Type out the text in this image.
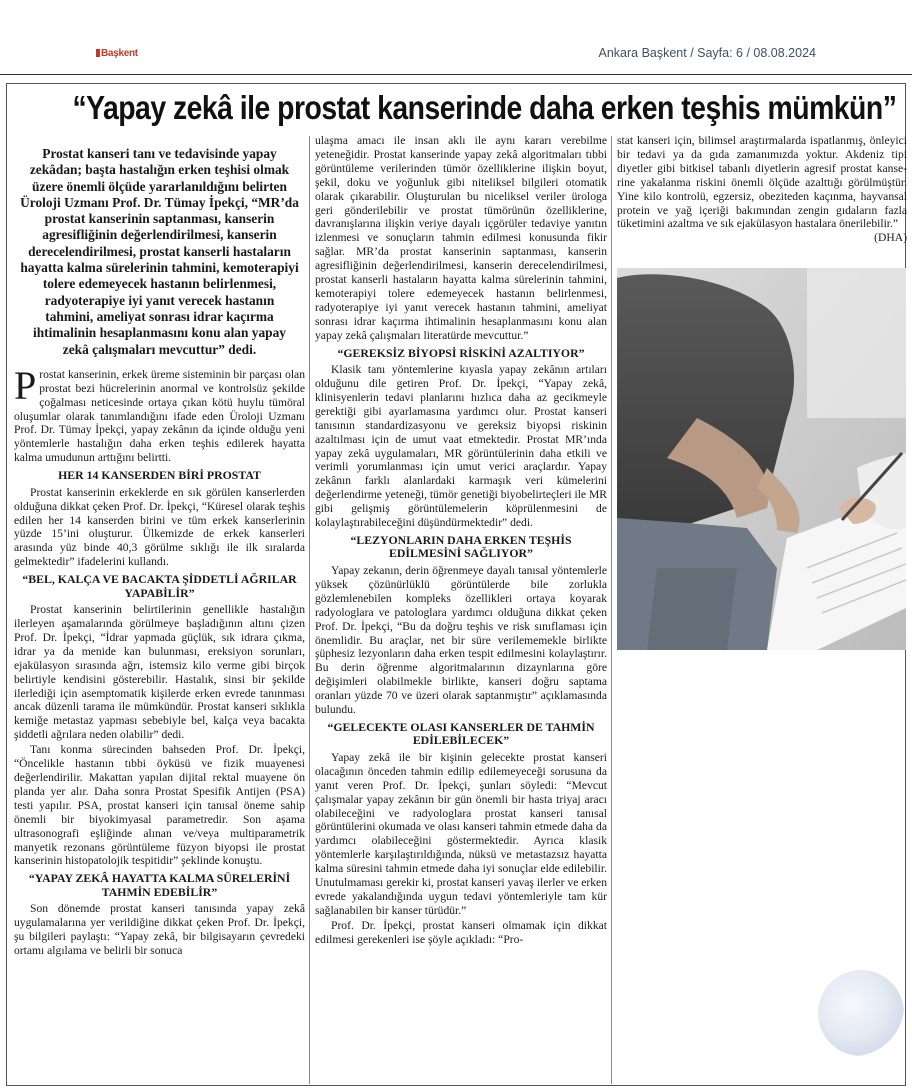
Başkent	Ankara Başkent / Sayfa: 6 / 08.08.2024
“Yapay zekâ ile prostat kanserinde daha erken teşhis mümkün”
Prostat kanseri tanı ve tedavisinde yapay zekâdan; başta hastalığın erken teşhisi olmak üzere önemli ölçüde yararlanıldığını belirten Üroloji Uzmanı Prof. Dr. Tümay İpekçi, “MR’da prostat kanserinin saptanması, kanserin agresifliğinin değerlendirilmesi, kanserin derecelendirilmesi, prostat kanserli hastaların hayatta kalma sürelerinin tahmini, kemoterapiyi tolere edemeyecek hastanın belirlenmesi, radyoterapiye iyi yanıt verecek hastanın tahmini, ameliyat sonrası idrar kaçırma ihtimalinin hesaplanmasını konu alan yapay zekâ çalışmaları mevcuttur” dedi.

Prostat kanserinin, erkek üreme sisteminin bir parçası olan prostat bezi hücrelerinin anormal ve kontrolsüz şekilde çoğalması neticesinde ortaya çıkan kötü huylu tümöral oluşumlar olarak tanımlandığını ifade eden Üroloji Uzmanı Prof. Dr. Tümay İpekçi, yapay zekânın da içinde olduğu yeni yöntemlerle hastalığın daha erken teşhis edilerek hayatta kalma umudunun arttığını belirtti.

HER 14 KANSERDEN BİRİ PROSTAT

Prostat kanserinin erkeklerde en sık görülen kanserlerden olduğuna dikkat çeken Prof. Dr. İpekçi, “Küresel olarak teşhis edilen her 14 kanserden birini ve tüm erkek kanserlerinin yüzde 15’ini oluşturur. Ülkemizde de erkek kanserleri arasında yüz binde 40,3 görülme sıklığı ile ilk sıralarda gelmektedir” ifadelerini kullandı.

“BEL, KALÇA VE BACAKTA ŞİDDETLİ AĞRILAR YAPABİLİR”

Prostat kanserinin belirtilerinin genellikle hastalığın ilerleyen aşamalarında görülmeye başladığının altını çizen Prof. Dr. İpekçi, “İdrar yapmada güçlük, sık idrara çıkma, idrar ya da menide kan bulunması, ereksiyon sorunları, ejakülasyon sırasında ağrı, istemsiz kilo verme gibi birçok belirtiyle kendisini gösterebilir. Hastalık, sinsi bir şekilde ilerlediği için asemptomatik kişilerde erken evrede tanınması ancak düzenli tarama ile mümkündür. Prostat kanseri sıklıkla kemiğe metastaz yapması sebebiyle bel, kalça veya bacakta şiddetli ağrılara neden olabilir” dedi.

Tanı konma sürecinden bahseden Prof. Dr. İpekçi, “Öncelikle hastanın tıbbi öyküsü ve fizik muayenesi değerlendirilir. Makattan yapılan dijital rektal muayene ön planda yer alır. Daha sonra Prostat Spesifik Antijen (PSA) testi yapılır. PSA, prostat kanseri için tanısal öneme sahip önemli bir biyokimyasal parametredir. Son aşama ultrasonografi eşliğinde alınan ve/veya multiparametrik manyetik rezonans görüntüleme füzyon biyopsi ile prostat kanserinin histopatolojik tespitidir” şeklinde konuştu.

“YAPAY ZEKÂ HAYATTA KALMA SÜRELERİNİ TAHMİN EDEBİLİR”

Son dönemde prostat kanseri tanısında yapay zekâ uygulamalarına yer verildiğine dikkat çeken Prof. Dr. İpekçi, şu bilgileri paylaştı: “Yapay zekâ, bir bilgisayarın çevredeki ortamı algılama ve belirli bir sonuca

ulaşma amacı ile insan aklı ile aynı kararı verebilme yeteneğidir. Prostat kanserinde yapay zekâ algoritmaları tıbbi görüntüleme verilerinden tümör özelliklerine ilişkin boyut, şekil, doku ve yoğunluk gibi niteliksel bilgileri otomatik olarak çıkarabilir. Oluşturulan bu niceliksel veriler ürologa geri gönderilebilir ve prostat tümörünün özelliklerine, davranışlarına ilişkin veriye dayalı içgörüler tedaviye yanıtın izlenmesi ve sonuçların tahmin edilmesi konusunda fikir sağlar. MR’da prostat kanserinin saptanması, kanserin agresifliğinin değerlendirilmesi, kanserin derecelendirilmesi, prostat kanserli hastaların hayatta kalma sürelerinin tahmini, kemoterapiyi tolere edemeyecek hastanın belirlenmesi, radyoterapiye iyi yanıt verecek hastanın tahmini, ameliyat sonrası idrar kaçırma ihtimalinin hesaplanmasını konu alan yapay zekâ çalışmaları literatürde mevcuttur.”

“GEREKSİZ BİYOPSİ RİSKİNİ AZALTIYOR”

Klasik tanı yöntemlerine kıyasla yapay zekânın artıları olduğunu dile getiren Prof. Dr. İpekçi, “Yapay zekâ, klinisyenlerin tedavi planlarını hızlıca daha az gecikmeyle gerektiği gibi ayarlamasına yardımcı olur. Prostat kanseri tanısının standardizasyonu ve gereksiz biyopsi riskinin azaltılması için de umut vaat etmektedir. Prostat MR’ında yapay zekâ uygulamaları, MR görüntülerinin daha etkili ve verimli yorumlanması için umut verici araçlardır. Yapay zekânın farklı alanlardaki karmaşık veri kümelerini değerlendirme yeteneği, tümör genetiği biyobelirteçleri ile MR gibi gelişmiş görüntülemelerin köprülenmesini de kolaylaştırabileceğini düşündürmektedir” dedi.

“LEZYONLARIN DAHA ERKEN TEŞHİS EDİLMESİNİ SAĞLIYOR”

Yapay zekanın, derin öğrenmeye dayalı tanısal yöntemlerle yüksek çözünürlüklü görüntülerde bile zorlukla gözlemlenebilen kompleks özellikleri ortaya koyarak radyologlara ve patologlara yardımcı olduğuna dikkat çeken Prof. Dr. İpekçi, “Bu da doğru teşhis ve risk sınıflaması için önemlidir. Bu araçlar, net bir süre verilememekle birlikte şüphesiz lezyonların daha erken tespit edilmesini kolaylaştırır. Bu derin öğrenme algoritmalarının dizaynlarına göre değişimleri olabilmekle birlikte, kanseri doğru saptama oranları yüzde 70 ve üzeri olarak saptanmıştır” açıklamasında bulundu.

“GELECEKTE OLASI KANSERLER DE TAHMİN EDİLEBİLECEK”

Yapay zekâ ile bir kişinin gelecekte prostat kanseri olacağının önceden tahmin edilip edilemeyeceği sorusuna da yanıt veren Prof. Dr. İpekçi, şunları söyledi: “Mevcut çalışmalar yapay zekânın bir gün önemli bir hasta triyaj aracı olabileceğini ve radyologlara prostat kanseri tanısal görüntülerini okumada ve olası kanseri tahmin etmede daha da yardımcı olabileceğini göstermektedir. Ayrıca klasik yöntemlerle karşılaştırıldığında, nüksü ve metastazsız hayatta kalma süresini tahmin etmede daha iyi sonuçlar elde edilebilir. Unutulmaması gerekir ki, prostat kanseri yavaş ilerler ve erken evrede yakalandığında uygun tedavi yöntemleriyle tam kür sağlanabilen bir kanser türüdür.”

Prof. Dr. İpekçi, prostat kanseri olmamak için dikkat edilmesi gerekenleri ise şöyle açıkladı: “Pro-

stat kanseri için, bilimsel araştırmalarda ispatlanmış, önleyici bir tedavi ya da gıda zamanımızda yoktur. Akdeniz tipi diyetler gibi bitkisel tabanlı diyetlerin agresif prostat kanse- rine yakalanma riskini önemli ölçüde azalttığı görülmüştür. Yine kilo kontrolü, egzersiz, obeziteden kaçınma, hayvansal protein ve yağ içeriği bakımından zengin gıdaların fazla tüketimini azaltma ve sık ejakülasyon hastalara önerilebilir.”
(DHA)
